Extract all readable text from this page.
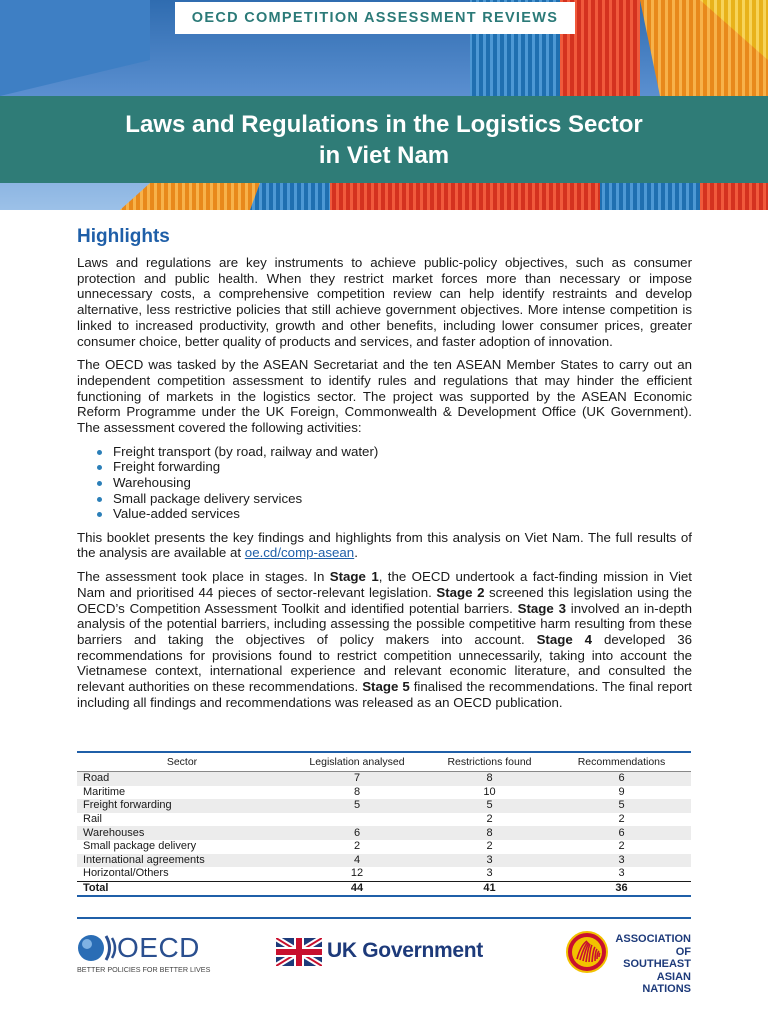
OECD COMPETITION ASSESSMENT REVIEWS
Laws and Regulations in the Logistics Sector
in Viet Nam
Highlights

Laws and regulations are key instruments to achieve public-policy objectives, such as consumer protection and public health. When they restrict market forces more than necessary or impose unnecessary costs, a comprehensive competition review can help identify restraints and develop alternative, less restrictive policies that still achieve government objectives. More intense competition is linked to increased productivity, growth and other benefits, including lower consumer prices, greater consumer choice, better quality of products and services, and faster adoption of innovation.

The OECD was tasked by the ASEAN Secretariat and the ten ASEAN Member States to carry out an independent competition assessment to identify rules and regulations that may hinder the efficient functioning of markets in the logistics sector. The project was supported by the ASEAN Economic Reform Programme under the UK Foreign, Commonwealth & Development Office (UK Government). The assessment covered the following activities:

Freight transport (by road, railway and water)
Freight forwarding
Warehousing
Small package delivery services
Value-added services

This booklet presents the key findings and highlights from this analysis on Viet Nam. The full results of the analysis are available at oe.cd/comp-asean.

The assessment took place in stages. In Stage 1, the OECD undertook a fact-finding mission in Viet Nam and prioritised 44 pieces of sector-relevant legislation. Stage 2 screened this legislation using the OECD’s Competition Assessment Toolkit and identified potential barriers. Stage 3 involved an in-depth analysis of the potential barriers, including assessing the possible competitive harm resulting from these barriers and taking the objectives of policy makers into account. Stage 4 developed 36 recommendations for provisions found to restrict competition unnecessarily, taking into account the Vietnamese context, international experience and relevant economic literature, and consulted the relevant authorities on these recommendations. Stage 5 finalised the recommendations. The final report including all findings and recommendations was released as an OECD publication.

Sector	Legislation analysed	Restrictions found	Recommendations
Road	7	8	6
Maritime	8	10	9
Freight forwarding	5	5	5
Rail		2	2
Warehouses	6	8	6
Small package delivery	2	2	2
International agreements	4	3	3
Horizontal/Others	12	3	3
Total	44	41	36
OECD
BETTER POLICIES FOR BETTER LIVES
UK Government	ASSOCIATION
OF SOUTHEAST
ASIAN NATIONS
